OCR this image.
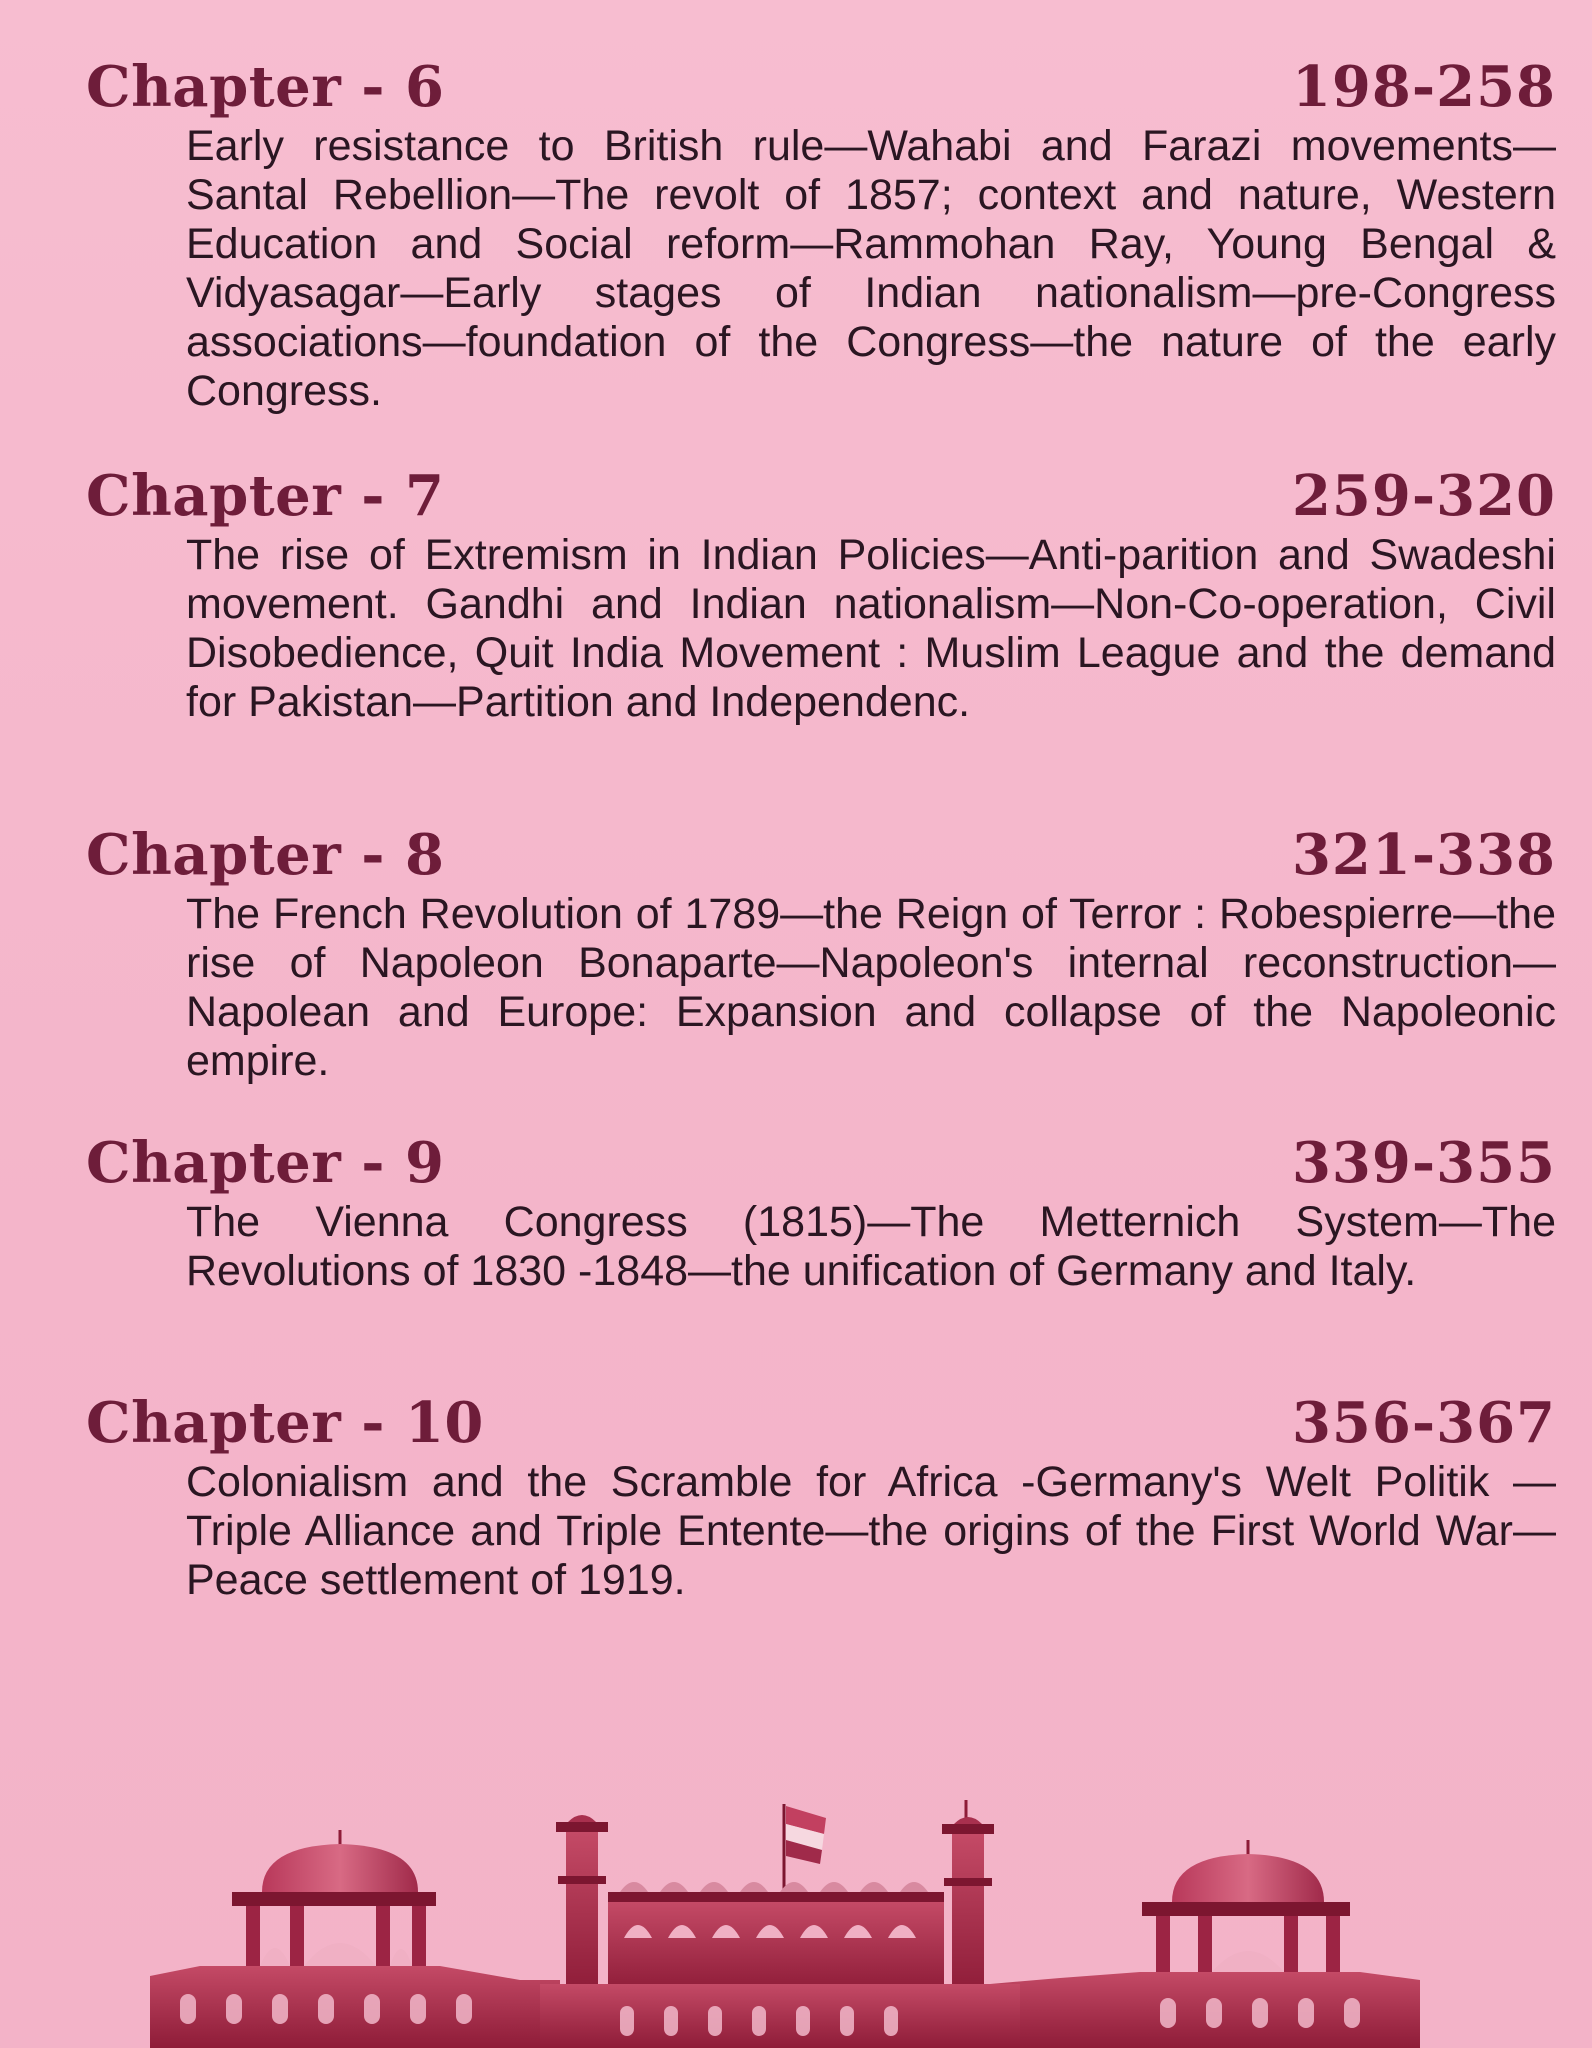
Chapter - 6	198-258
Early resistance to British rule—Wahabi and Farazi movements—Santal Rebellion—The revolt of 1857; context and nature, Western Education and Social reform—Rammohan Ray, Young Bengal & Vidyasagar—Early stages of Indian nationalism—pre-Congress associations—foundation of the Congress—the nature of the early Congress.
Chapter - 7	259-320
The rise of Extremism in Indian Policies—Anti-parition and Swadeshi movement. Gandhi and Indian nationalism—Non-Co-operation, Civil Disobedience, Quit India Movement : Muslim League and the demand for Pakistan—Partition and Independenc.
Chapter - 8	321-338
The French Revolution of 1789—the Reign of Terror : Robespierre—the rise of Napoleon Bonaparte—Napoleon's internal reconstruction—Napolean and Europe: Expansion and collapse of the Napoleonic empire.
Chapter - 9	339-355
The Vienna Congress (1815)—The Metternich System—The Revolutions of 1830 -1848—the unification of Germany and Italy.
Chapter - 10	356-367
Colonialism and the Scramble for Africa -Germany's Welt Politik —Triple Alliance and Triple Entente—the origins of the First World War—Peace settlement of 1919.
